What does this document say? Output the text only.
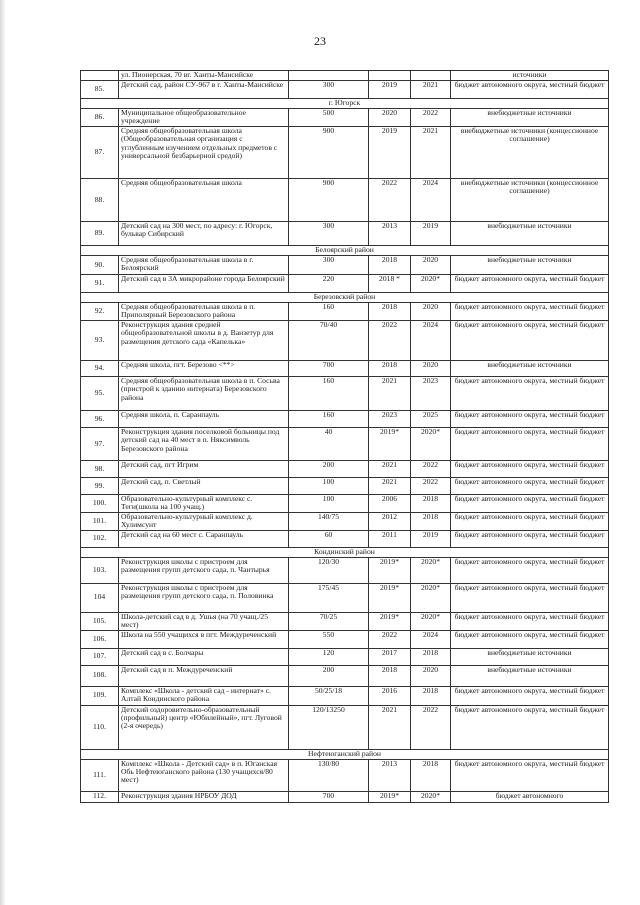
23
	ул. Пионерская, 70 вг. Ханты-Мансийске				источники
85.	Детский сад, район СУ-967 в г. Ханты-Мансийске	300	2019	2021	бюджет автономного округа, местный бюджет
г. Югорск					
86.	Муниципальное общеобразовательное учреждение	500	2020	2022	внебюджетные источники
87.	Средняя общеобразовательная школа (Общеобразовательная организация с углубленным изучением отдельных предметов с универсальной безбарьерной средой)	900	2019	2021	внебюджетные источники (концессионное соглашение)
88.	Средняя общеобразовательная школа	900	2022	2024	внебюджетные источники (концессионное соглашение)
89.	Детский сад на 300 мест, по адресу: г. Югорск, бульвар Сибирский	300	2013	2019	внебюджетные источники
Белоярский район					
90.	Средняя общеобразовательная школа в г. Белоярский	300	2018	2020	внебюджетные источники
91.	Детский сад в 3А микрорайоне города Белоярский	220	2018 *	2020*	бюджет автономного округа, местный бюджет
Березовский район					
92.	Средняя общеобразовательная школа в п. Приполярный Березовского района	160	2018	2020	бюджет автономного округа, местный бюджет
93.	Реконструкция здания средней общеобразовательной школы в д. Ванзетур для размещения детского сада «Капелька»	70/40	2022	2024	бюджет автономного округа, местный бюджет
94.	Средняя школа, пгт. Березово <**>	700	2018	2020	внебюджетные источники
95.	Средняя общеобразовательная школа в п. Сосьва (пристрой к зданию интерната) Березовского района	160	2021	2023	бюджет автономного округа, местный бюджет
96.	Средняя школа, п. Саранпауль	160	2023	2025	бюджет автономного округа, местный бюджет
97.	Реконструкция здания поселковой больницы под детский сад на 40 мест в п. Няксимволь Березовского района	40	2019*	2020*	бюджет автономного округа, местный бюджет
98.	Детский сад, пгт Игрим	200	2021	2022	бюджет автономного округа, местный бюджет
99.	Детский сад, п. Светлый	100	2021	2022	бюджет автономного округа, местный бюджет
100.	Образовательно-культурный комплекс с. Теги(школа на 100 учащ.)	100	2006	2018	бюджет автономного округа, местный бюджет
101.	Образовательно-культурный комплекс д. Хулимсунт	140/75	2012	2018	бюджет автономного округа, местный бюджет
102.	Детский сад на 60 мест с. Саранпауль	60	2011	2019	бюджет автономного округа, местный бюджет
Кондинский район					
103.	Реконструкция школы с пристроем для размещения групп детского сада, п. Чантырья	120/30	2019*	2020*	бюджет автономного округа, местный бюджет
104	Реконструкция школы с пристроем для размещения групп детского сада, п. Половинка	175/45	2019*	2020*	бюджет автономного округа, местный бюджет
105.	Школа-детский сад в д. Ушья (на 70 учащ./25 мест)	70/25	2019*	2020*	бюджет автономного округа, местный бюджет
106.	Школа на 550 учащихся в пгт. Междуреченский	550	2022	2024	бюджет автономного округа, местный бюджет
107.	Детский сад в с. Болчары	120	2017	2018	внебюджетные источники
108.	Детский сад в п. Междуреченский	200	2018	2020	внебюджетные источники
109.	Комплекс «Школа - детский сад - интернат» с. Алтай Кондинского района	50/25/18	2016	2018	бюджет автономного округа, местный бюджет
110.	Детский оздоровительно-образовательный (профильный) центр «Юбилейный», пгт. Луговой (2-я очередь)	120/13250	2021	2022	бюджет автономного округа, местный бюджет
Нефтеюганский район					
111.	Комплекс «Школа - Детский сад» в п. Юганская Обь Нефтеюганского района (130 учащихся/80 мест)	130/80	2013	2018	бюджет автономного округа, местный бюджет
112.	Реконструкция здания НРБОУ ДОД	700	2019*	2020*	бюджет автономного
